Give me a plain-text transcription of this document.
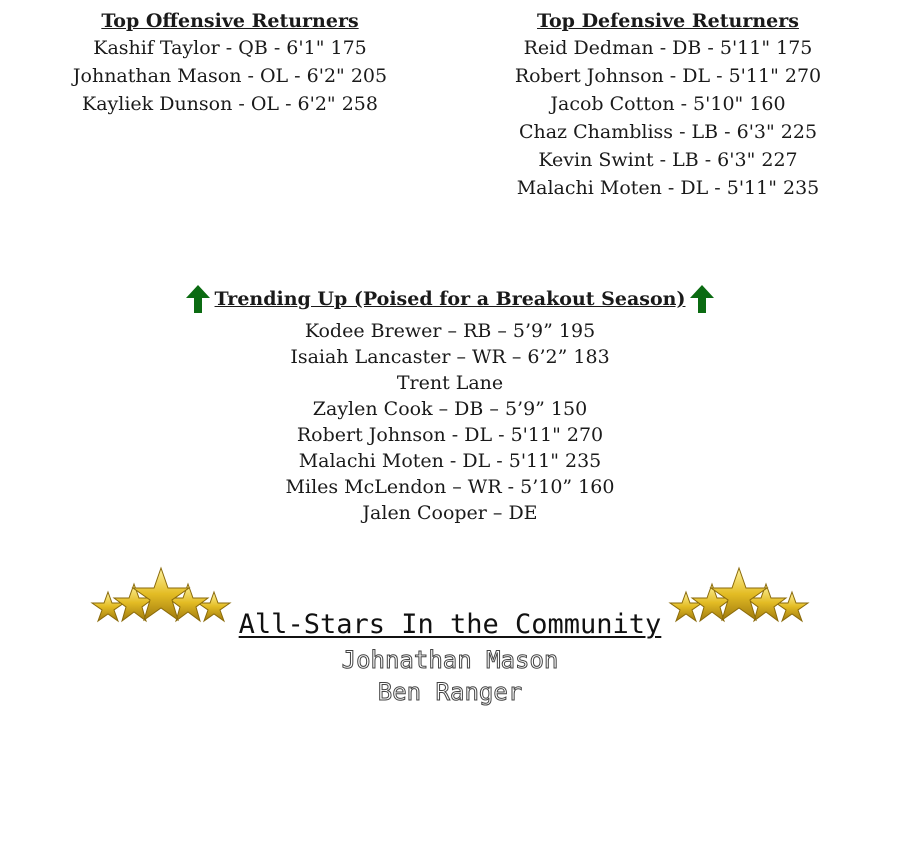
Top Offensive Returners
Kashif Taylor - QB - 6'1" 175
Johnathan Mason - OL - 6'2" 205
Kayliek Dunson - OL - 6'2" 258
Top Defensive Returners
Reid Dedman - DB - 5'11" 175
Robert Johnson - DL - 5'11" 270
Jacob Cotton - 5'10" 160
Chaz Chambliss - LB - 6'3" 225
Kevin Swint - LB - 6'3" 227
Malachi Moten - DL - 5'11" 235
Trending Up (Poised for a Breakout Season)
Kodee Brewer – RB – 5’9” 195
Isaiah Lancaster – WR – 6’2” 183
Trent Lane
Zaylen Cook – DB – 5’9” 150
Robert Johnson - DL - 5'11" 270
Malachi Moten - DL - 5'11" 235
Miles McLendon – WR - 5’10” 160
Jalen Cooper – DE
All-Stars In the Community
Johnathan Mason
Ben Ranger
